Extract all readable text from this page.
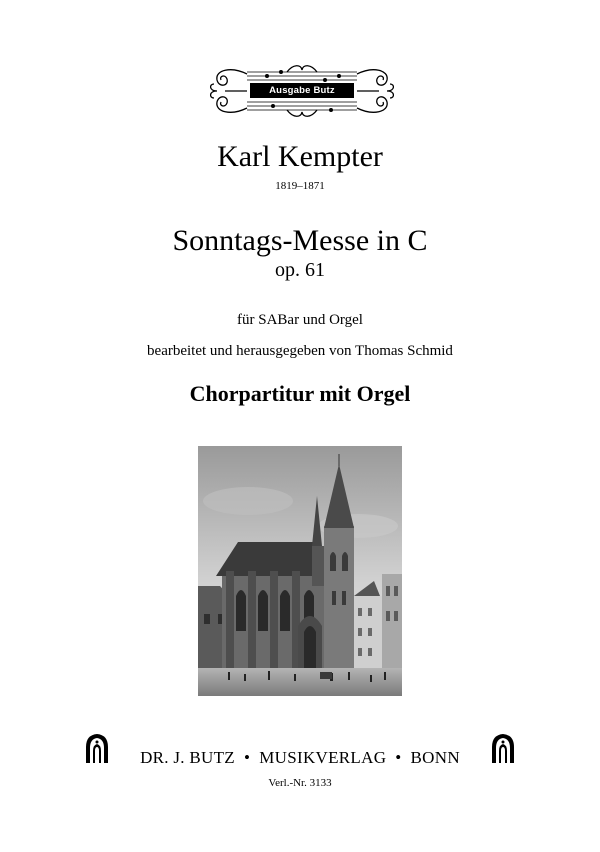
Ausgabe Butz
Karl Kempter
1819–1871
Sonntags-Messe in C
op. 61
für SABar und Orgel
bearbeitet und herausgegeben von Thomas Schmid
Chorpartitur mit Orgel
DR. J. BUTZ • MUSIKVERLAG • BONN
Verl.-Nr. 3133
